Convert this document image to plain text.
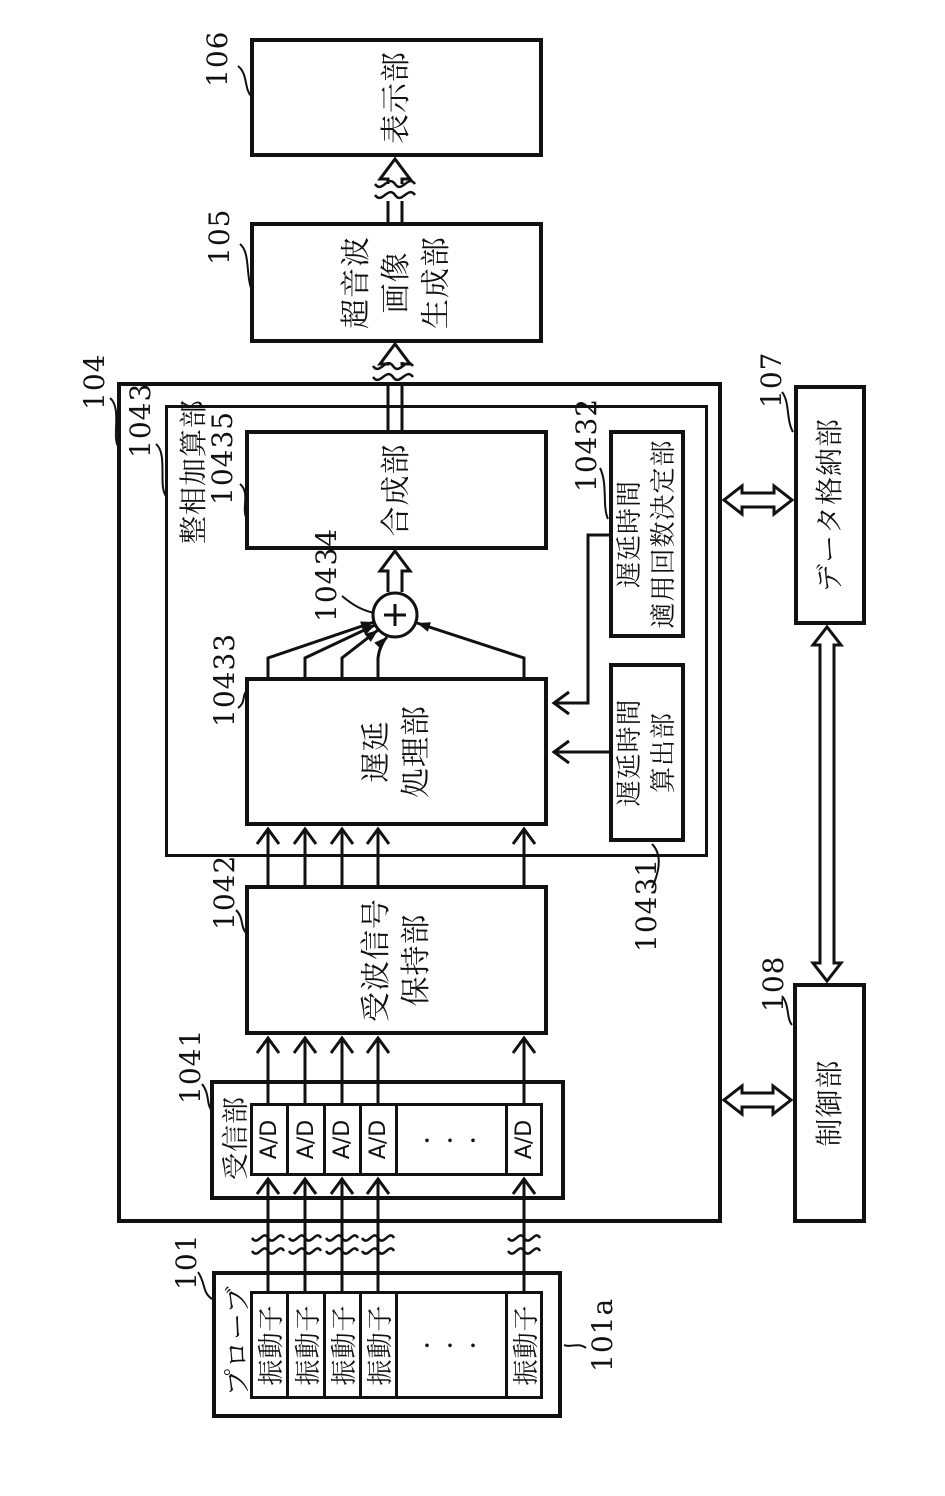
プローブ 振動子 振動子 振動子 振動子 ・・・ 振動子
受信部 A/D A/D A/D A/D ・・・ A/D
受波信号 保持部
遅延 処理部
合成部
遅延時間 算出部
遅延時間 適用回数決定部
超音波 画像 生成部
表示部
データ格納部
制御部
整相加算部
101
101a
104
1041
1042
1043
10431
10432
10433
10434
10435
105
106
107
108
